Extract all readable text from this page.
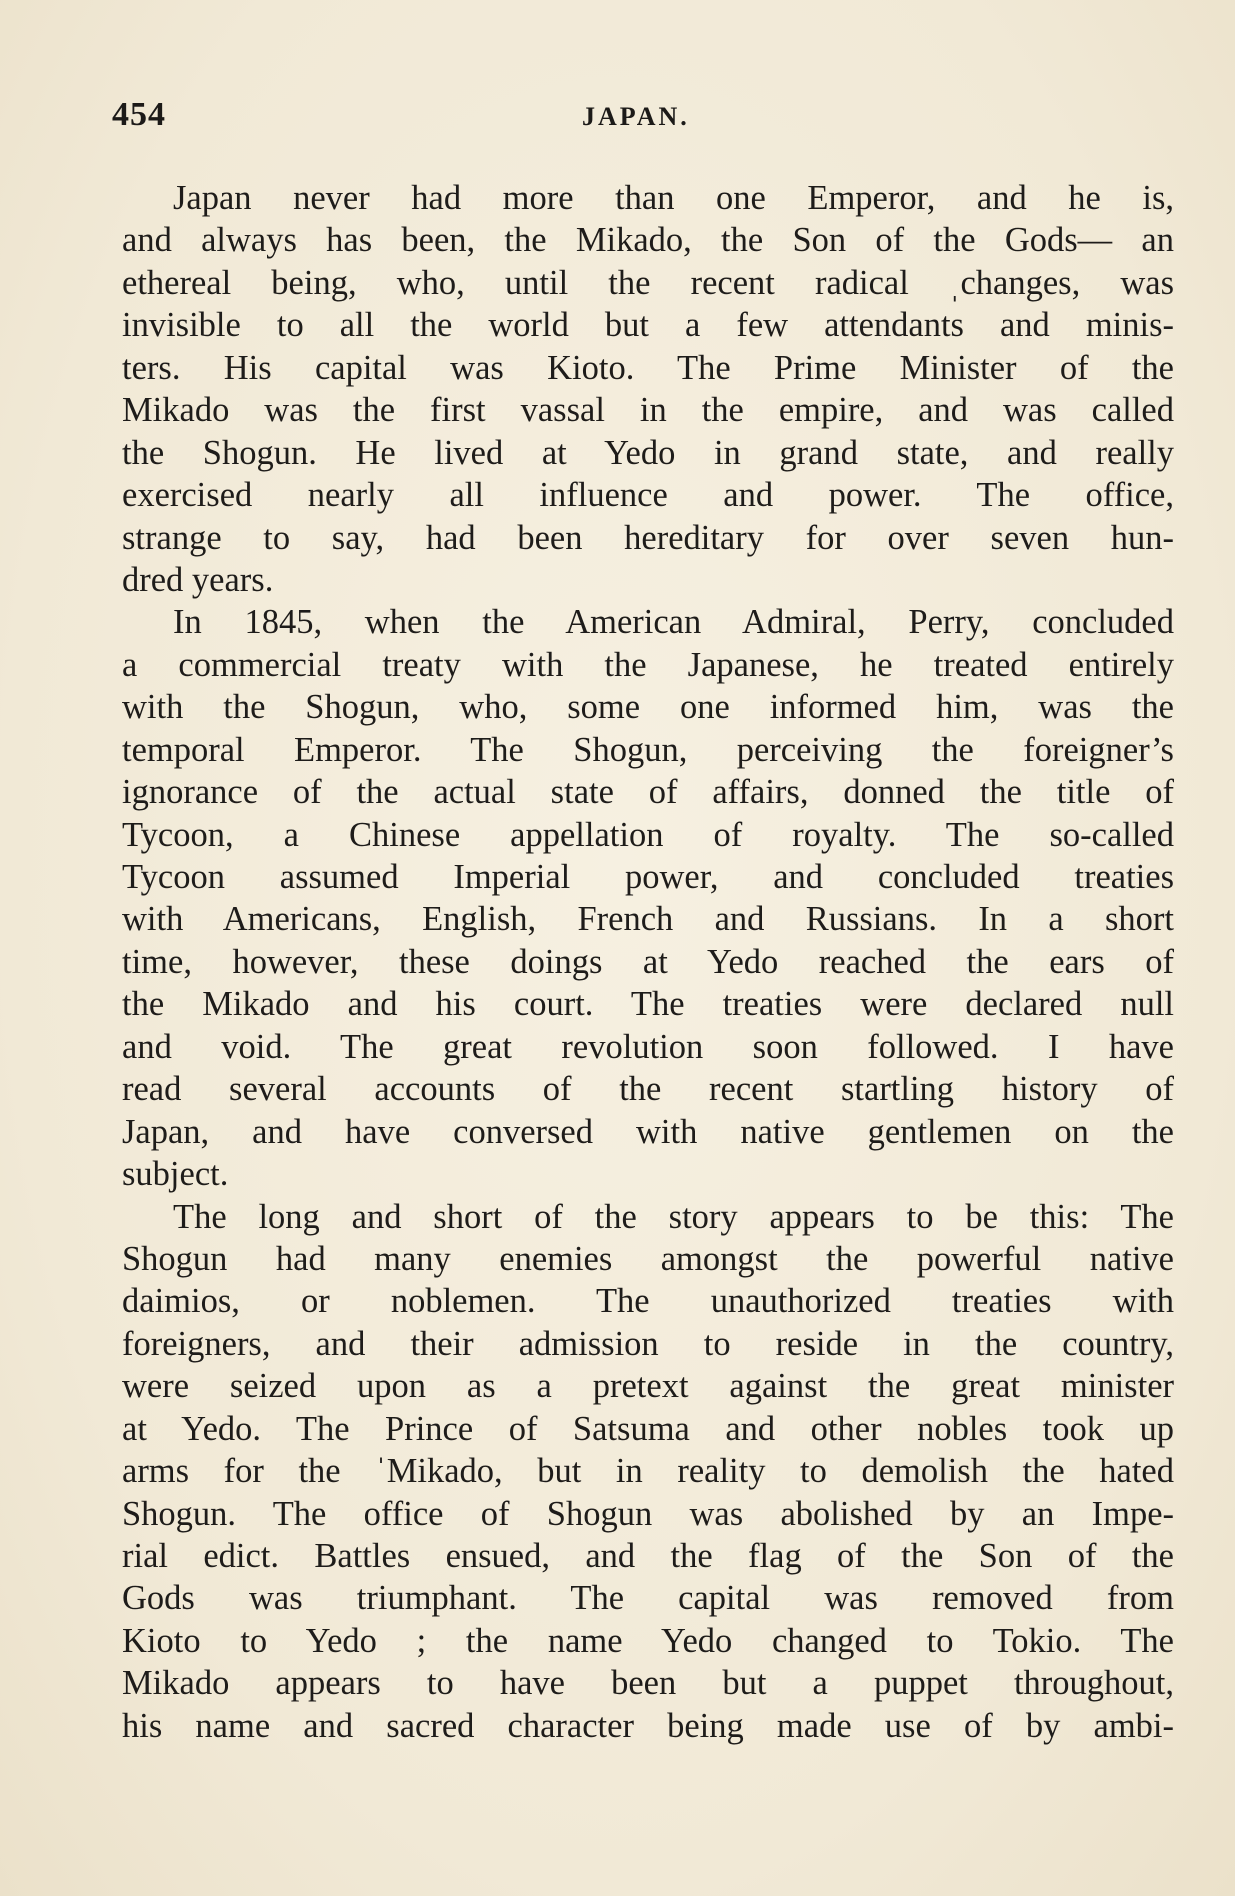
454	JAPAN.
Japan never had more than one Emperor, and he is,
and always has been, the Mikado, the Son of the Gods— an
ethereal being, who, until the recent radical ˌchanges, was
invisible to all the world but a few attendants and minis-
ters. His capital was Kioto. The Prime Minister of the
Mikado was the first vassal in the empire, and was called
the Shogun. He lived at Yedo in grand state, and really
exercised nearly all influence and power. The office,
strange to say, had been hereditary for over seven hun-
dred years.
In 1845, when the American Admiral, Perry, concluded
a commercial treaty with the Japanese, he treated entirely
with the Shogun, who, some one informed him, was the
temporal Emperor. The Shogun, perceiving the foreigner’s
ignorance of the actual state of affairs, donned the title of
Tycoon, a Chinese appellation of royalty. The so-called
Tycoon assumed Imperial power, and concluded treaties
with Americans, English, French and Russians. In a short
time, however, these doings at Yedo reached the ears of
the Mikado and his court. The treaties were declared null
and void. The great revolution soon followed. I have
read several accounts of the recent startling history of
Japan, and have conversed with native gentlemen on the
subject.
The long and short of the story appears to be this: The
Shogun had many enemies amongst the powerful native
daimios, or noblemen. The unauthorized treaties with
foreigners, and their admission to reside in the country,
were seized upon as a pretext against the great minister
at Yedo. The Prince of Satsuma and other nobles took up
arms for the ˈMikado, but in reality to demolish the hated
Shogun. The office of Shogun was abolished by an Impe-
rial edict. Battles ensued, and the flag of the Son of the
Gods was triumphant. The capital was removed from
Kioto to Yedo ; the name Yedo changed to Tokio. The
Mikado appears to have been but a puppet throughout,
his name and sacred character being made use of by ambi-
